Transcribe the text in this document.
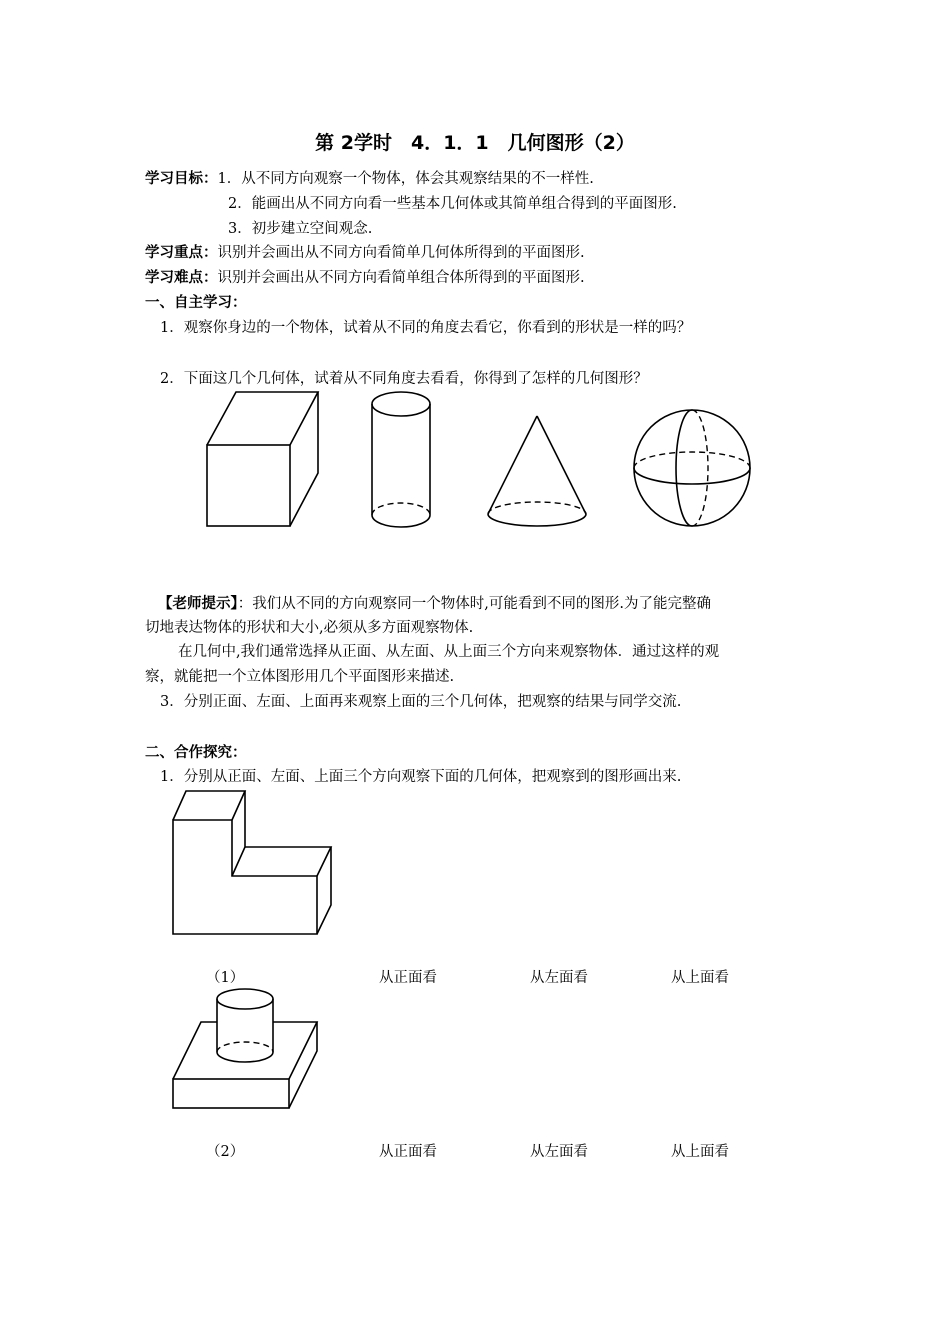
第 2学时　4．1．1　几何图形（2）
学习目标：1．从不同方向观察一个物体，体会其观察结果的不一样性.
2．能画出从不同方向看一些基本几何体或其简单组合得到的平面图形.
3．初步建立空间观念.
学习重点：识别并会画出从不同方向看简单几何体所得到的平面图形.
学习难点：识别并会画出从不同方向看简单组合体所得到的平面图形.
一、自主学习：
1．观察你身边的一个物体，试着从不同的角度去看它，你看到的形状是一样的吗？
2．下面这几个几何体，试着从不同角度去看看，你得到了怎样的几何图形？
【老师提示】：我们从不同的方向观察同一个物体时,可能看到不同的图形.为了能完整确
切地表达物体的形状和大小,必须从多方面观察物体.
在几何中,我们通常选择从正面、从左面、从上面三个方向来观察物体．通过这样的观
察，就能把一个立体图形用几个平面图形来描述.
3．分别正面、左面、上面再来观察上面的三个几何体，把观察的结果与同学交流.
二、合作探究：
1．分别从正面、左面、上面三个方向观察下面的几何体，把观察到的图形画出来.
（1）	从正面看	从左面看	从上面看
（2）	从正面看	从左面看	从上面看
